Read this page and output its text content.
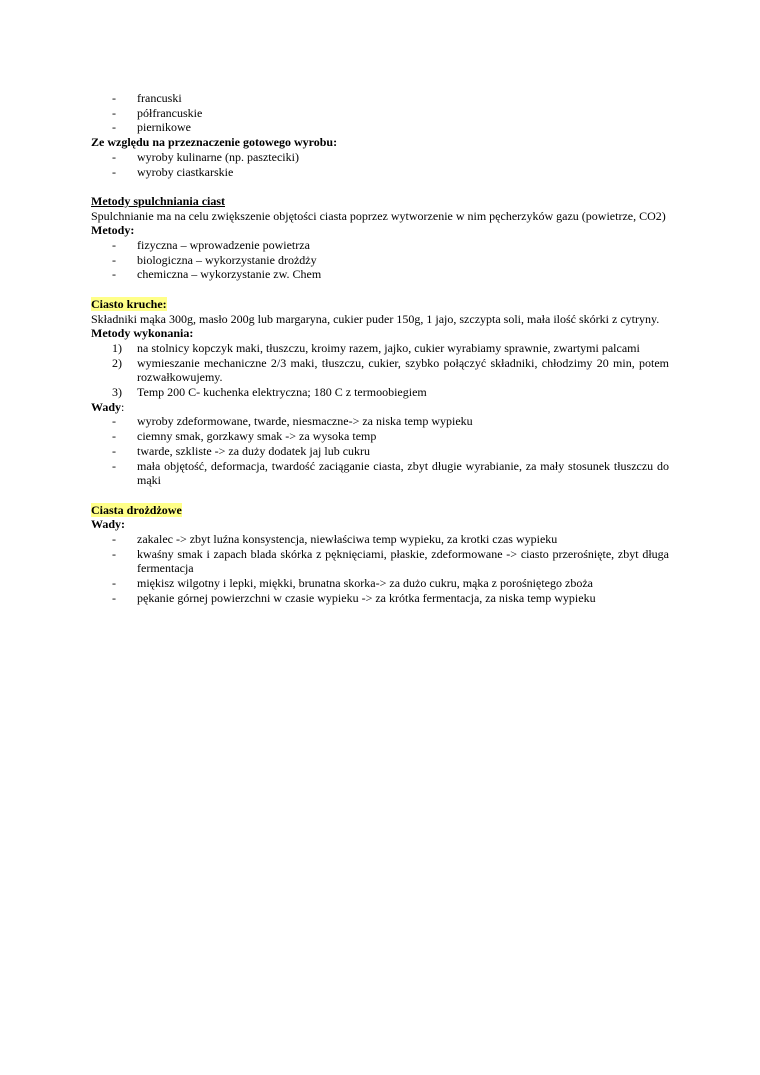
- francuski
- półfrancuskie
- piernikowe

Ze względu na przeznaczenie gotowego wyrobu:

- wyroby kulinarne (np. paszteciki)
- wyroby ciastkarskie

Metody spulchniania ciast

Spulchnianie ma na celu zwiększenie objętości ciasta poprzez wytworzenie w nim pęcherzyków gazu (powietrze, CO2)

Metody:

- fizyczna – wprowadzenie powietrza
- biologiczna – wykorzystanie drożdży
- chemiczna – wykorzystanie zw. Chem

Ciasto kruche:

Składniki mąka 300g, masło 200g lub margaryna, cukier puder 150g, 1 jajo, szczypta soli, mała ilość skórki z cytryny.

Metody wykonania:

1) na stolnicy kopczyk maki, tłuszczu, kroimy razem, jajko, cukier wyrabiamy sprawnie, zwartymi palcami
2) wymieszanie mechaniczne 2/3 maki, tłuszczu, cukier, szybko połączyć składniki, chłodzimy 20 min, potem rozwałkowujemy.
3) Temp 200 C- kuchenka elektryczna; 180 C z termoobiegiem

Wady:

- wyroby zdeformowane, twarde, niesmaczne-> za niska temp wypieku
- ciemny smak, gorzkawy smak -> za wysoka temp
- twarde, szkliste -> za duży dodatek jaj lub cukru
- mała objętość, deformacja, twardość zaciąganie ciasta, zbyt długie wyrabianie, za mały stosunek tłuszczu do mąki

Ciasta drożdżowe

Wady:

- zakalec -> zbyt luźna konsystencja, niewłaściwa temp wypieku, za krotki czas wypieku
- kwaśny smak i zapach blada skórka z pęknięciami, płaskie, zdeformowane -> ciasto przerośnięte, zbyt długa fermentacja
- miękisz wilgotny i lepki, miękki, brunatna skorka-> za dużo cukru, mąka z porośniętego zboża
- pękanie górnej powierzchni w czasie wypieku -> za krótka fermentacja, za niska temp wypieku
